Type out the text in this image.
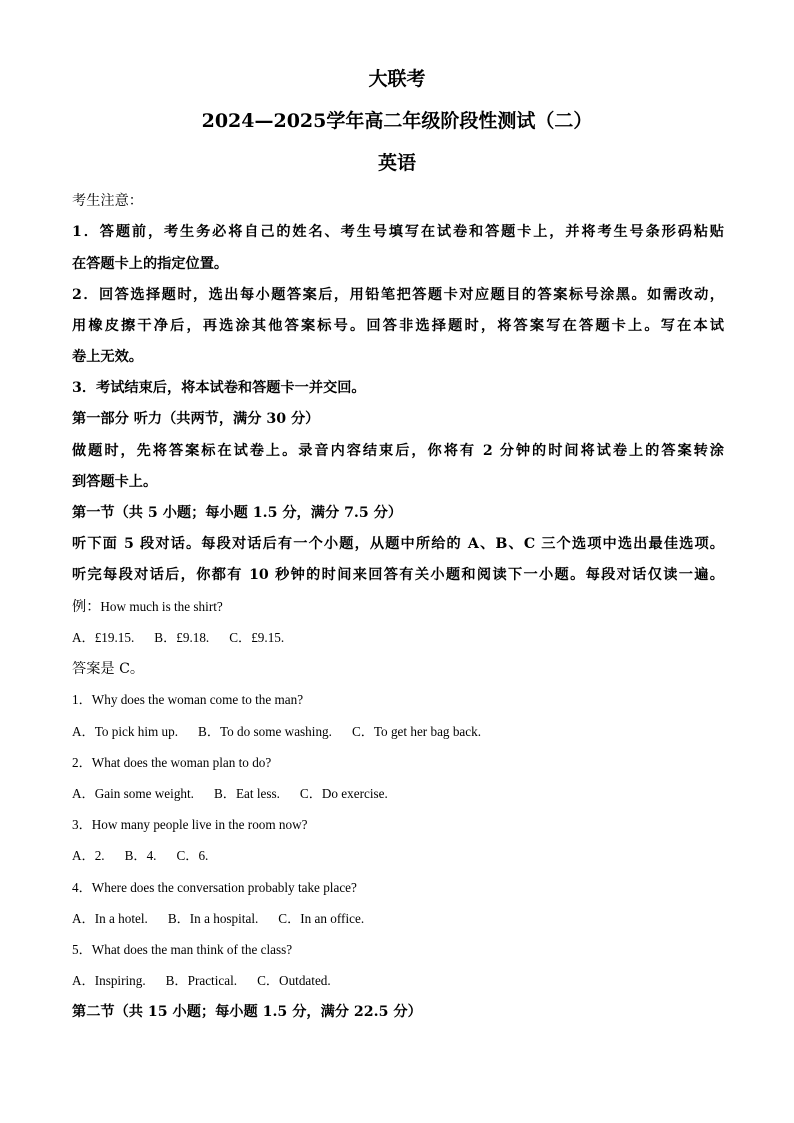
大联考
2024—2025学年高二年级阶段性测试（二）
英语
考生注意：
1．答题前，考生务必将自己的姓名、考生号填写在试卷和答题卡上，并将考生号条形码粘贴
在答题卡上的指定位置。
2．回答选择题时，选出每小题答案后，用铅笔把答题卡对应题目的答案标号涂黑。如需改动，
用橡皮擦干净后，再选涂其他答案标号。回答非选择题时，将答案写在答题卡上。写在本试
卷上无效。
3．考试结束后，将本试卷和答题卡一并交回。
第一部分 听力（共两节，满分 30 分）
做题时，先将答案标在试卷上。录音内容结束后，你将有 2 分钟的时间将试卷上的答案转涂
到答题卡上。
第一节（共 5 小题；每小题 1.5 分，满分 7.5 分）
听下面 5 段对话。每段对话后有一个小题，从题中所给的 A、B、C 三个选项中选出最佳选项。
听完每段对话后，你都有 10 秒钟的时间来回答有关小题和阅读下一小题。每段对话仅读一遍。
例：How much is the shirt?
A．£19.15. B．£9.18. C．£9.15.
答案是 C。
1．Why does the woman come to the man?
A．To pick him up. B．To do some washing. C．To get her bag back.
2．What does the woman plan to do?
A．Gain some weight. B．Eat less. C．Do exercise.
3．How many people live in the room now?
A．2. B．4. C．6.
4．Where does the conversation probably take place?
A．In a hotel. B．In a hospital. C．In an office.
5．What does the man think of the class?
A．Inspiring. B．Practical. C．Outdated.
第二节（共 15 小题；每小题 1.5 分，满分 22.5 分）
